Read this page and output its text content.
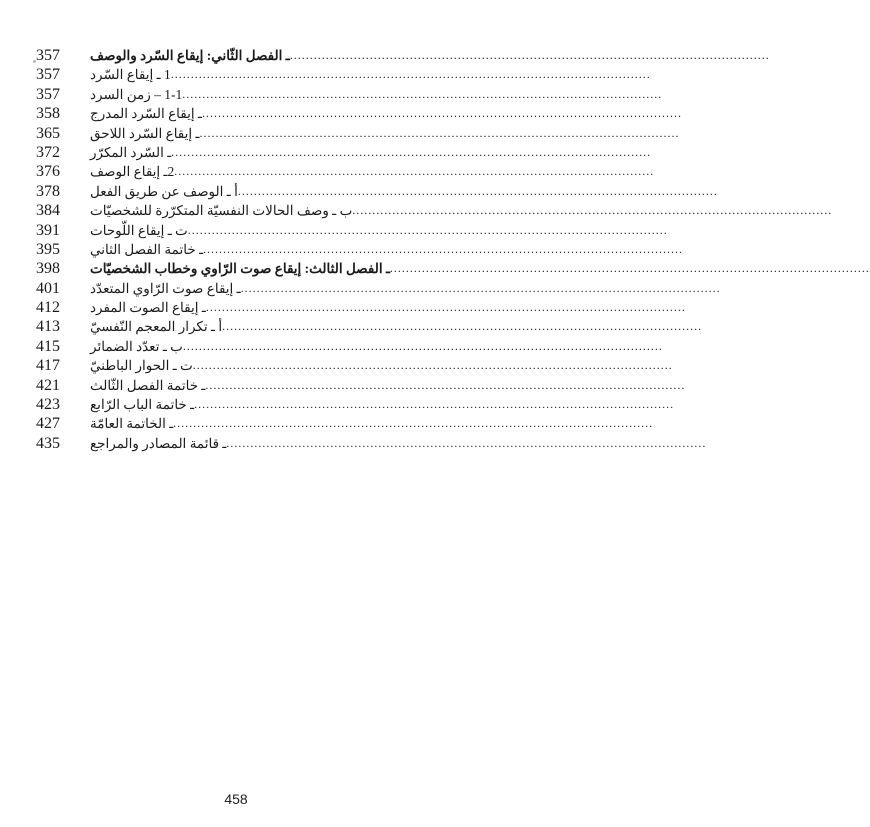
357	ـ الفصل الثّاني: إيقاع السّرد والوصف ........................................................................................................................
357	1 ـ إيقاع السّرد ........................................................................................................................
357	1-1 – زمن السرد ........................................................................................................................
358	ـ إيقاع السّرد المدرج ........................................................................................................................
365	ـ إيقاع السّرد اللاحق ........................................................................................................................
372	ـ السّرد المكرّر ........................................................................................................................
376	2ـ إيقاع الوصف ........................................................................................................................
378	أ ـ الوصف عن طريق الفعل ........................................................................................................................
384	ب ـ وصف الحالات النفسيّة المتكرّرة للشخصيّات ........................................................................................................................
391	ت ـ إيقاع اللّوحات ........................................................................................................................
395	ـ خاتمة الفصل الثاني ........................................................................................................................
398	ـ الفصل الثالث: إيقاع صوت الرّاوي وخطاب الشخصيّات ........................................................................................................................
401	ـ إيقاع صوت الرّاوي المتعدّد ........................................................................................................................
412	ـ إيقاع الصوت المفرد ........................................................................................................................
413	أ ـ تكرار المعجم النّفسيّ ........................................................................................................................
415	ب ـ تعدّد الضمائر ........................................................................................................................
417	ت ـ الحوار الباطنيّ ........................................................................................................................
421	ـ خاتمة الفصل الثّالث ........................................................................................................................
423	ـ خاتمة الباب الرّابع ........................................................................................................................
427	ـ الخاتمة العامّة ........................................................................................................................
435	ـ قائمة المصادر والمراجع ........................................................................................................................
458
